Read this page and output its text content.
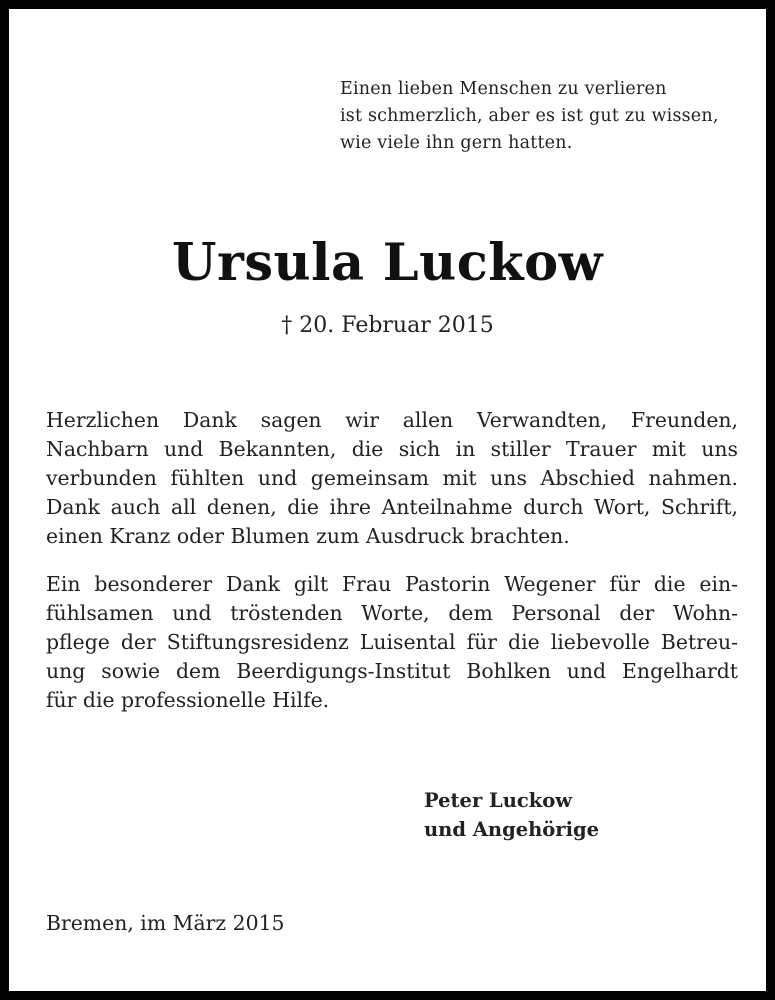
Einen lieben Menschen zu verlieren
ist schmerzlich, aber es ist gut zu wissen,
wie viele ihn gern hatten.
Ursula Luckow
† 20. Februar 2015
Herzlichen Dank sagen wir allen Verwandten, Freunden,
Nachbarn und Bekannten, die sich in stiller Trauer mit uns
verbunden fühlten und gemeinsam mit uns Abschied nahmen.
Dank auch all denen, die ihre Anteilnahme durch Wort, Schrift,
einen Kranz oder Blumen zum Ausdruck brachten.
Ein besonderer Dank gilt Frau Pastorin Wegener für die ein-
fühlsamen und tröstenden Worte, dem Personal der Wohn-
pflege der Stiftungsresidenz Luisental für die liebevolle Betreu-
ung sowie dem Beerdigungs-Institut Bohlken und Engelhardt
für die professionelle Hilfe.
Peter Luckow
und Angehörige
Bremen, im März 2015
